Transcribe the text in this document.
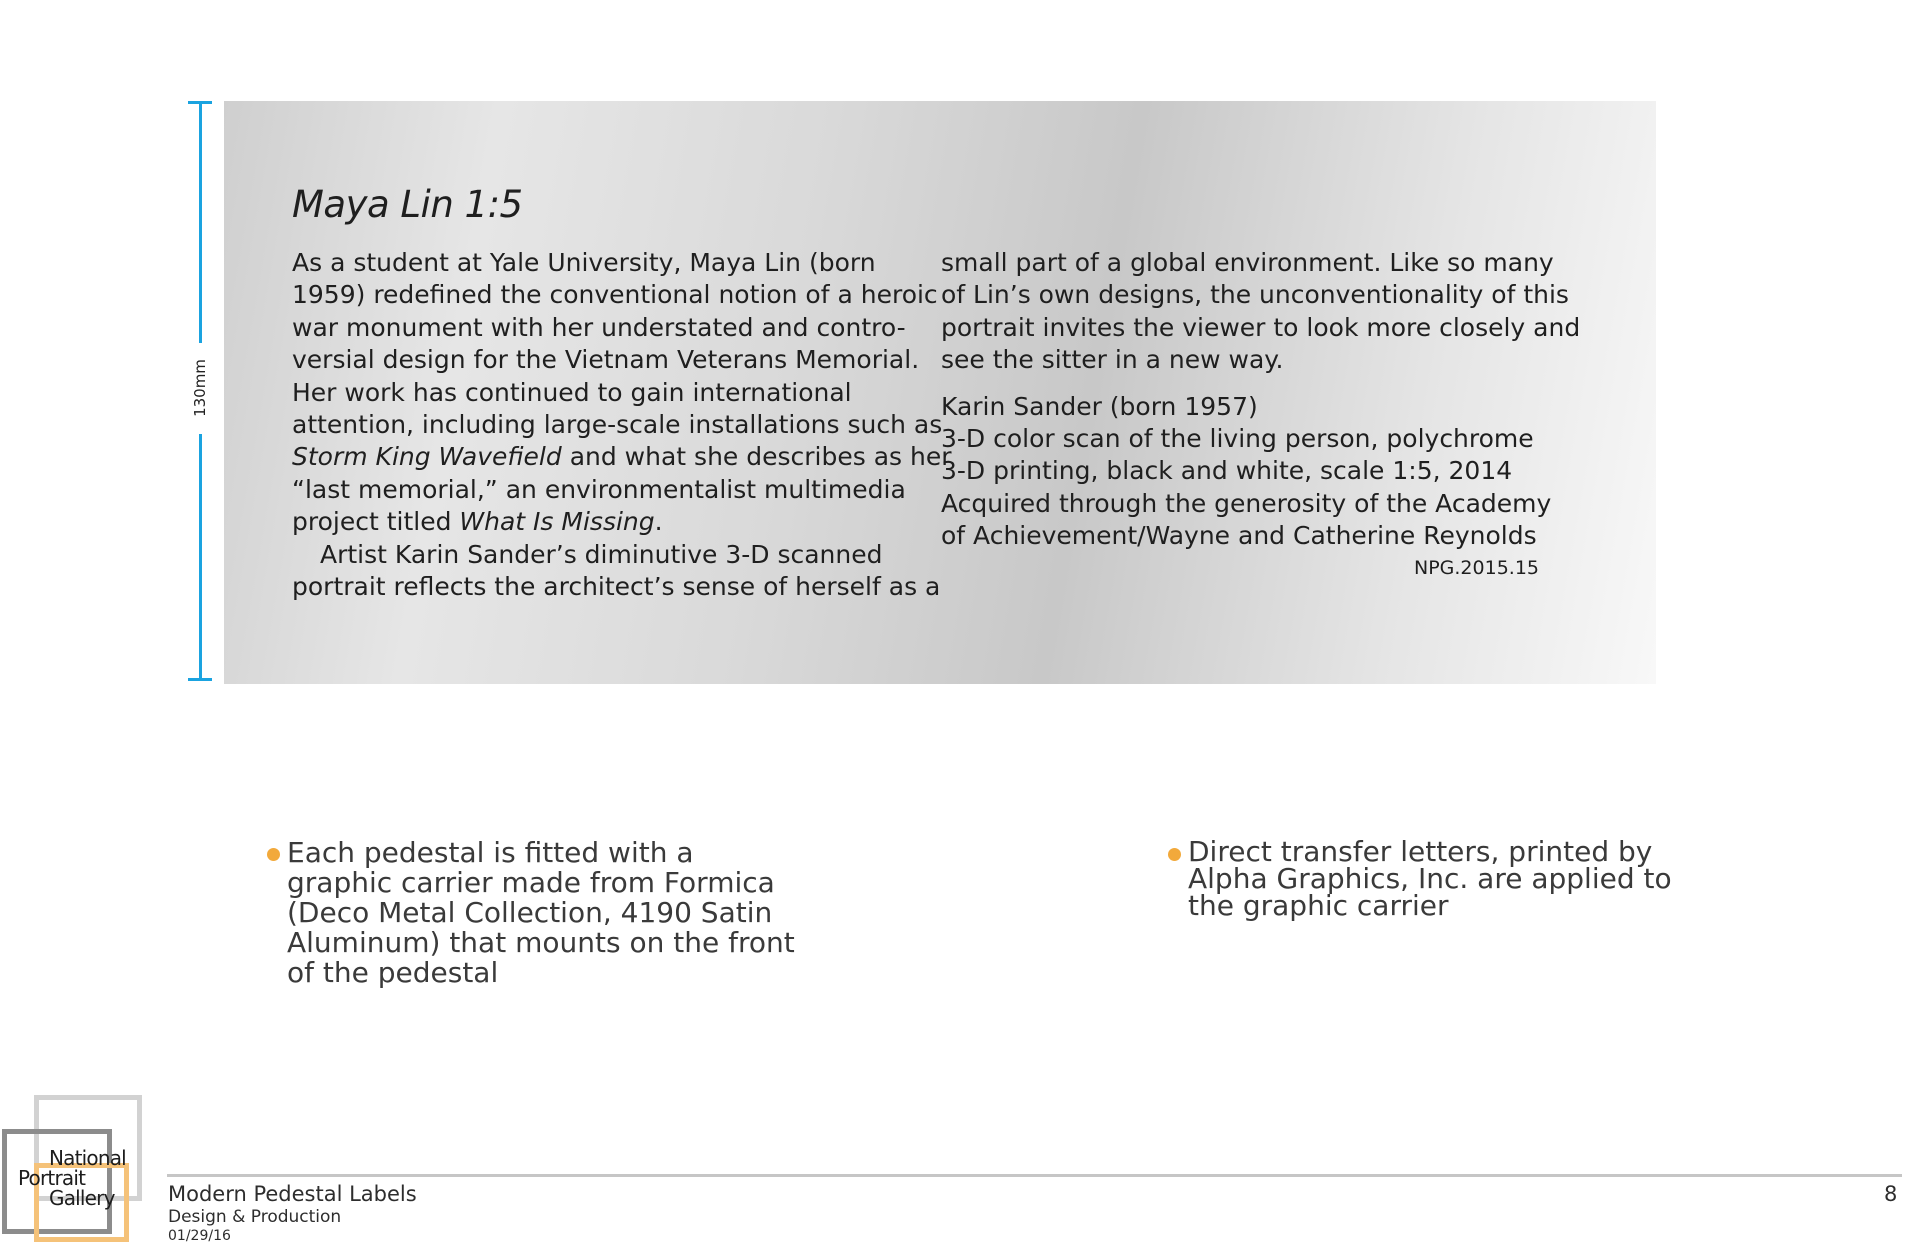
130mm
Maya Lin 1:5

As a student at Yale University, Maya Lin (born
1959) redefined the conventional notion of a heroic
war monument with her understated and contro-
versial design for the Vietnam Veterans Memorial.
Her work has continued to gain international
attention, including large-scale installations such as
Storm King Wavefield and what she describes as her
“last memorial,” an environmentalist multimedia
project titled What Is Missing.

Artist Karin Sander’s diminutive 3-D scanned
portrait reflects the architect’s sense of herself as a

small part of a global environment. Like so many
of Lin’s own designs, the unconventionality of this
portrait invites the viewer to look more closely and
see the sitter in a new way.

Karin Sander (born 1957)
3-D color scan of the living person, polychrome
3-D printing, black and white, scale 1:5, 2014
Acquired through the generosity of the Academy
of Achievement/Wayne and Catherine Reynolds

NPG.2015.15
Each pedestal is fitted with a
graphic carrier made from Formica
(Deco Metal Collection, 4190 Satin
Aluminum) that mounts on the front
of the pedestal
Direct transfer letters, printed by
Alpha Graphics, Inc. are applied to
the graphic carrier
National
Portrait
Gallery	Modern Pedestal Labels
Design & Production
01/29/16
8
